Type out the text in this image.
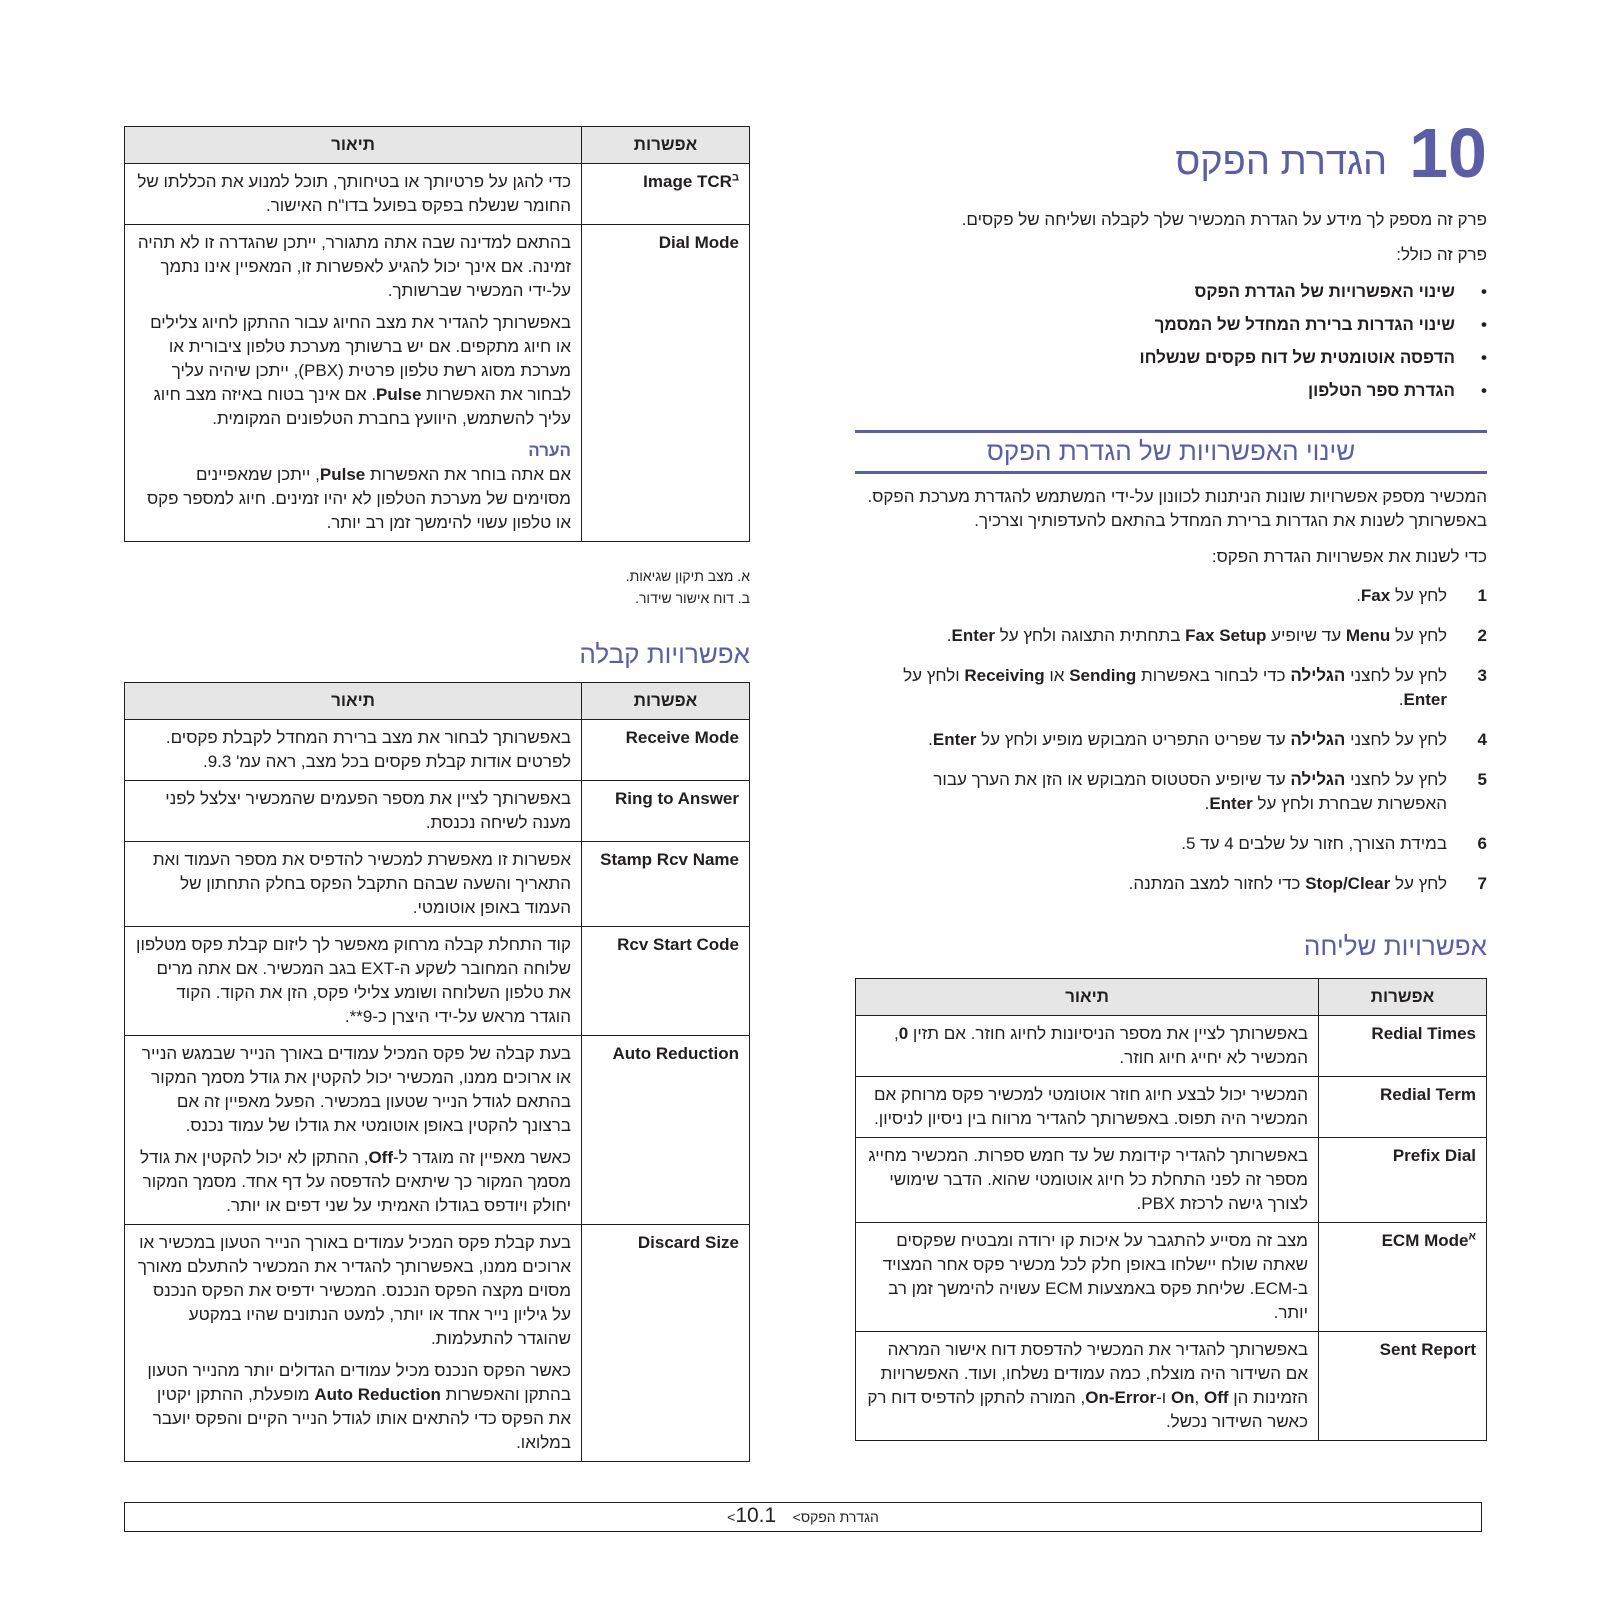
10
הגדרת הפקס

פרק זה מספק לך מידע על הגדרת המכשיר שלך לקבלה ושליחה של פקסים.

פרק זה כולל:

• שינוי האפשרויות של הגדרת הפקס
• שינוי הגדרות ברירת המחדל של המסמך
• הדפסה אוטומטית של דוח פקסים שנשלחו
• הגדרת ספר הטלפון
שינוי האפשרויות של הגדרת הפקס

המכשיר מספק אפשרויות שונות הניתנות לכוונון על-ידי המשתמש להגדרת מערכת הפקס. באפשרותך לשנות את הגדרות ברירת המחדל בהתאם להעדפותיך וצרכיך.

כדי לשנות את אפשרויות הגדרת הפקס:

1
לחץ על Fax.
2
לחץ על Menu עד שיופיע Fax Setup בתחתית התצוגה ולחץ על Enter.
3
לחץ על לחצני הגלילה כדי לבחור באפשרות Sending או Receiving ולחץ על Enter.
4
לחץ על לחצני הגלילה עד שפריט התפריט המבוקש מופיע ולחץ על Enter.
5
לחץ על לחצני הגלילה עד שיופיע הסטטוס המבוקש או הזן את הערך עבור האפשרות שבחרת ולחץ על Enter.
6
במידת הצורך, חזור על שלבים 4 עד 5.
7
לחץ על Stop/Clear כדי לחזור למצב המתנה.
אפשרויות שליחה
אפשרות	תיאור
Redial Times	באפשרותך לציין את מספר הניסיונות לחיוג חוזר. אם תזין 0, המכשיר לא יחייג חיוג חוזר.

Redial Term	המכשיר יכול לבצע חיוג חוזר אוטומטי למכשיר פקס מרוחק אם המכשיר היה תפוס. באפשרותך להגדיר מרווח בין ניסיון לניסיון.

Prefix Dial	באפשרותך להגדיר קידומת של עד חמש ספרות. המכשיר מחייג מספר זה לפני התחלת כל חיוג אוטומטי שהוא. הדבר שימושי לצורך גישה לרכזת PBX.

$^א$ECM Mode	מצב זה מסייע להתגבר על איכות קו ירודה ומבטיח שפקסים שאתה שולח יישלחו באופן חלק לכל מכשיר פקס אחר המצויד ב-ECM. שליחת פקס באמצעות ECM עשויה להימשך זמן רב יותר.

Sent Report	באפשרותך להגדיר את המכשיר להדפסת דוח אישור המראה אם השידור היה מוצלח, כמה עמודים נשלחו, ועוד. האפשרויות הזמינות הן On, Off ו-On-Error, המורה להתקן להדפיס דוח רק כאשר השידור נכשל.

אפשרות	תיאור
$^ב$Image TCR	כדי להגן על פרטיותך או בטיחותך, תוכל למנוע את הכללתו של החומר שנשלח בפקס בפועל בדו"ח האישור.

Dial Mode	בהתאם למדינה שבה אתה מתגורר, ייתכן שהגדרה זו לא תהיה זמינה. אם אינך יכול להגיע לאפשרות זו, המאפיין אינו נתמך על-ידי המכשיר שברשותך.

באפשרותך להגדיר את מצב החיוג עבור ההתקן לחיוג צלילים או חיוג מתקפים. אם יש ברשותך מערכת טלפון ציבורית או מערכת מסוג רשת טלפון פרטית (PBX), ייתכן שיהיה עליך לבחור את האפשרות Pulse. אם אינך בטוח באיזה מצב חיוג עליך להשתמש, היוועץ בחברת הטלפונים המקומית.

הערה

אם אתה בוחר את האפשרות Pulse, ייתכן שמאפיינים מסוימים של מערכת הטלפון לא יהיו זמינים. חיוג למספר פקס או טלפון עשוי להימשך זמן רב יותר.

א. מצב תיקון שגיאות.
ב. דוח אישור שידור.
אפשרויות קבלה
אפשרות	תיאור
Receive Mode	באפשרותך לבחור את מצב ברירת המחדל לקבלת פקסים. לפרטים אודות קבלת פקסים בכל מצב, ראה עמ' 9.3.

Ring to Answer	באפשרותך לציין את מספר הפעמים שהמכשיר יצלצל לפני מענה לשיחה נכנסת.

Stamp Rcv Name	אפשרות זו מאפשרת למכשיר להדפיס את מספר העמוד ואת התאריך והשעה שבהם התקבל הפקס בחלק התחתון של העמוד באופן אוטומטי.

Rcv Start Code	קוד התחלת קבלה מרחוק מאפשר לך ליזום קבלת פקס מטלפון שלוחה המחובר לשקע ה-EXT בגב המכשיר. אם אתה מרים את טלפון השלוחה ושומע צלילי פקס, הזן את הקוד. הקוד הוגדר מראש על-ידי היצרן כ-9*‎*.

Auto Reduction	בעת קבלה של פקס המכיל עמודים באורך הנייר שבמגש הנייר או ארוכים ממנו, המכשיר יכול להקטין את גודל מסמך המקור בהתאם לגודל הנייר שטעון במכשיר. הפעל מאפיין זה אם ברצונך להקטין באופן אוטומטי את גודלו של עמוד נכנס.

כאשר מאפיין זה מוגדר ל-Off, ההתקן לא יכול להקטין את גודל מסמך המקור כך שיתאים להדפסה על דף אחד. מסמך המקור יחולק ויודפס בגודלו האמיתי על שני דפים או יותר.

Discard Size	בעת קבלת פקס המכיל עמודים באורך הנייר הטעון במכשיר או ארוכים ממנו, באפשרותך להגדיר את המכשיר להתעלם מאורך מסוים מקצה הפקס הנכנס. המכשיר ידפיס את הפקס הנכנס על גיליון נייר אחד או יותר, למעט הנתונים שהיו במקטע שהוגדר להתעלמות.

כאשר הפקס הנכנס מכיל עמודים הגדולים יותר מהנייר הטעון בהתקן והאפשרות Auto Reduction מופעלת, ההתקן יקטין את הפקס כדי להתאים אותו לגודל הנייר הקיים והפקס יועבר במלואו.

<הגדרת הפקס> 10.1
